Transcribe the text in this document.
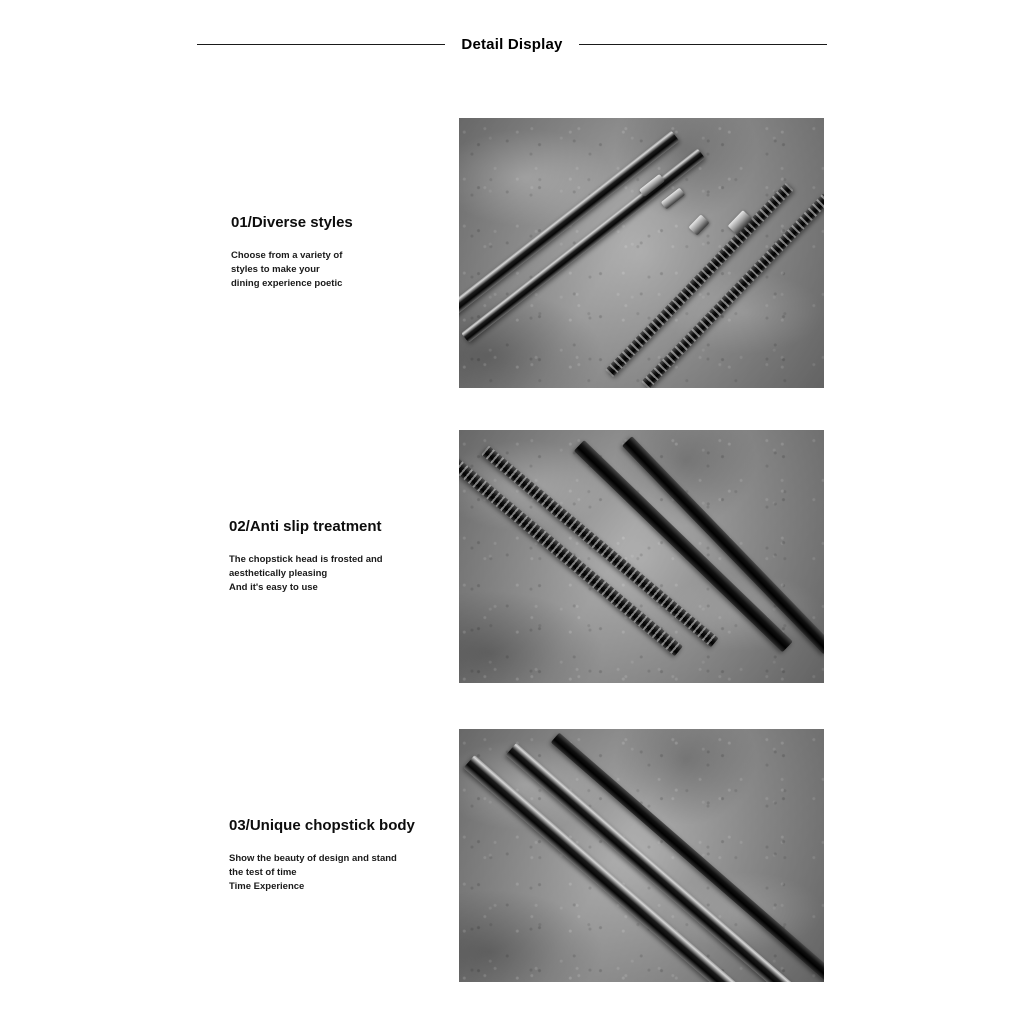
Detail Display
01/Diverse styles
Choose from a variety of
styles to make your
dining experience poetic
02/Anti slip treatment
The chopstick head is frosted and
aesthetically pleasing
And it's easy to use
03/Unique chopstick body
Show the beauty of design and stand
the test of time
Time Experience
